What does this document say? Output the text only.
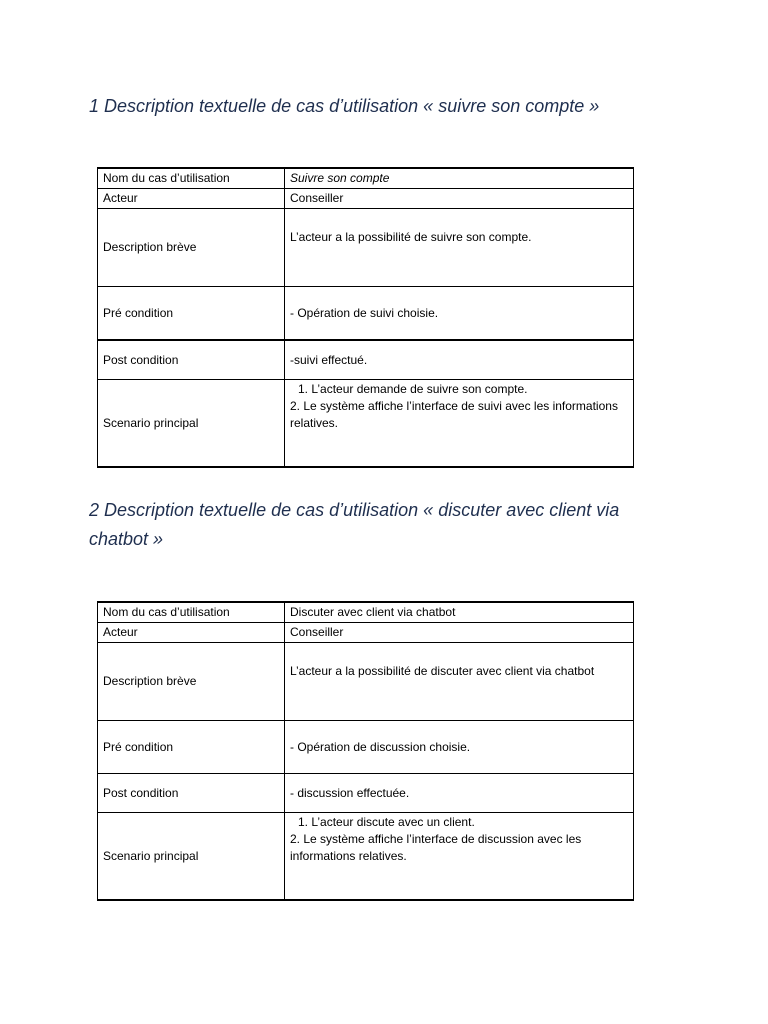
1 Description textuelle de cas d’utilisation « suivre son compte »
Nom du cas d’utilisation	Suivre son compte
Acteur	Conseiller
Description brève	L’acteur a la possibilité de suivre son compte.

Pré condition	- Opération de suivi choisie.
Post condition	-suivi effectué.
Scenario principal	1. L’acteur demande de suivre son compte.
2. Le système affiche l’interface de suivi avec les informations relatives.
2 Description textuelle de cas d’utilisation « discuter avec client via chatbot »
Nom du cas d’utilisation	Discuter avec client via chatbot
Acteur	Conseiller
Description brève	L’acteur a la possibilité de discuter avec client via chatbot

Pré condition	- Opération de discussion choisie.
Post condition	- discussion effectuée.
Scenario principal	1. L’acteur discute avec un client.
2. Le système affiche l’interface de discussion avec les informations relatives.
